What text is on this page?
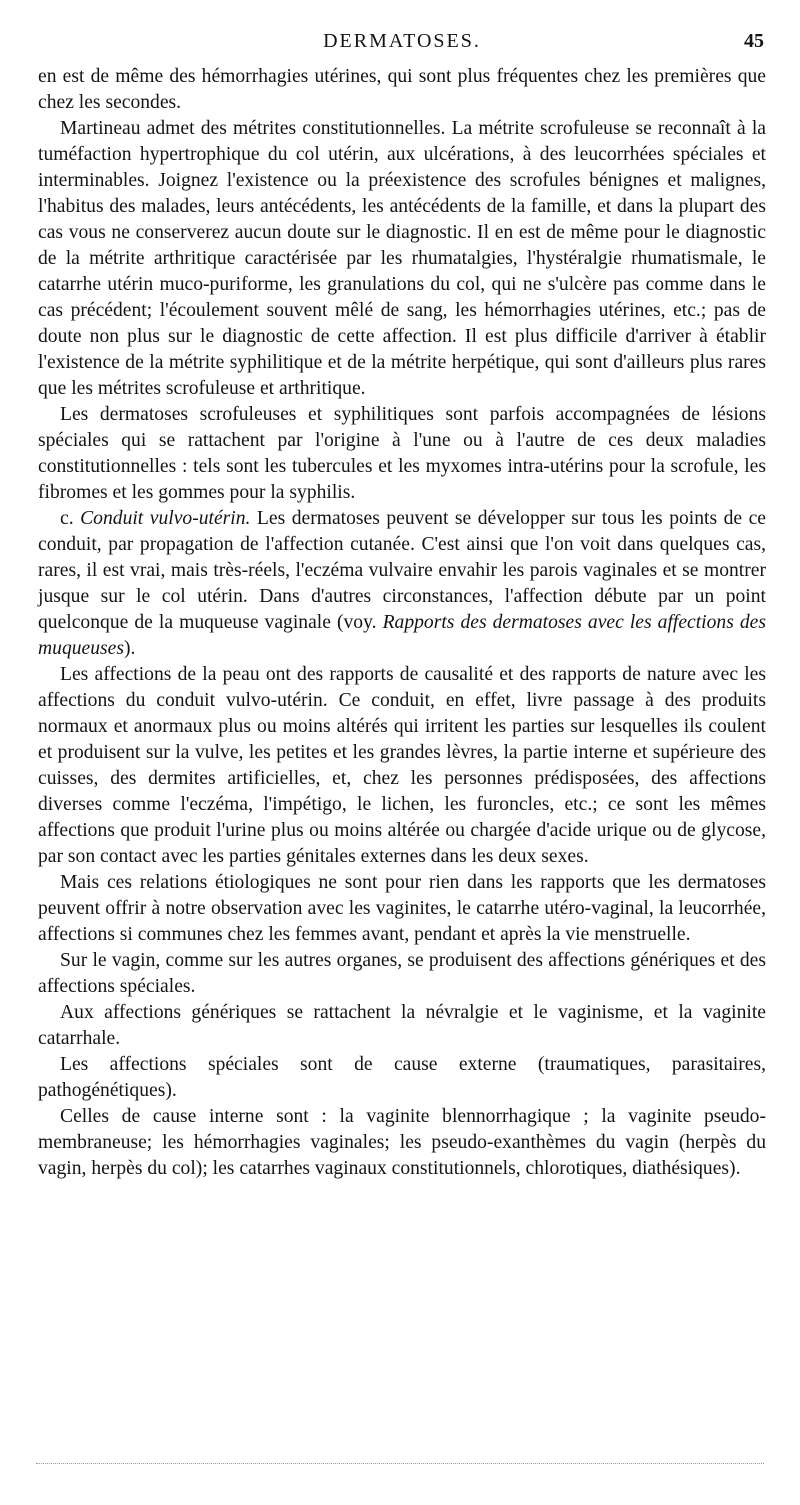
DERMATOSES.	45

en est de même des hémorrhagies utérines, qui sont plus fréquentes chez les premières que chez les secondes.

Martineau admet des métrites constitutionnelles. La métrite scrofuleuse se reconnaît à la tuméfaction hypertrophique du col utérin, aux ulcérations, à des leucorrhées spéciales et interminables. Joignez l'existence ou la préexistence des scrofules bénignes et malignes, l'habitus des malades, leurs antécédents, les antécédents de la famille, et dans la plupart des cas vous ne conserverez aucun doute sur le diagnostic. Il en est de même pour le diagnostic de la métrite arthritique caractérisée par les rhumatalgies, l'hystéralgie rhumatismale, le catarrhe utérin muco-puriforme, les granulations du col, qui ne s'ulcère pas comme dans le cas précédent; l'écoulement souvent mêlé de sang, les hémorrhagies utérines, etc.; pas de doute non plus sur le diagnostic de cette affection. Il est plus difficile d'arriver à établir l'existence de la métrite syphilitique et de la métrite herpétique, qui sont d'ailleurs plus rares que les métrites scrofuleuse et arthritique.

Les dermatoses scrofuleuses et syphilitiques sont parfois accompagnées de lésions spéciales qui se rattachent par l'origine à l'une ou à l'autre de ces deux maladies constitutionnelles : tels sont les tubercules et les myxomes intra-utérins pour la scrofule, les fibromes et les gommes pour la syphilis.

c. Conduit vulvo-utérin. Les dermatoses peuvent se développer sur tous les points de ce conduit, par propagation de l'affection cutanée. C'est ainsi que l'on voit dans quelques cas, rares, il est vrai, mais très-réels, l'eczéma vulvaire envahir les parois vaginales et se montrer jusque sur le col utérin. Dans d'autres circonstances, l'affection débute par un point quelconque de la muqueuse vaginale (voy. Rapports des dermatoses avec les affections des muqueuses).

Les affections de la peau ont des rapports de causalité et des rapports de nature avec les affections du conduit vulvo-utérin. Ce conduit, en effet, livre passage à des produits normaux et anormaux plus ou moins altérés qui irritent les parties sur lesquelles ils coulent et produisent sur la vulve, les petites et les grandes lèvres, la partie interne et supérieure des cuisses, des dermites artificielles, et, chez les personnes prédisposées, des affections diverses comme l'eczéma, l'impétigo, le lichen, les furoncles, etc.; ce sont les mêmes affections que produit l'urine plus ou moins altérée ou chargée d'acide urique ou de glycose, par son contact avec les parties génitales externes dans les deux sexes.

Mais ces relations étiologiques ne sont pour rien dans les rapports que les dermatoses peuvent offrir à notre observation avec les vaginites, le catarrhe utéro-vaginal, la leucorrhée, affections si communes chez les femmes avant, pendant et après la vie menstruelle.

Sur le vagin, comme sur les autres organes, se produisent des affections génériques et des affections spéciales.

Aux affections génériques se rattachent la névralgie et le vaginisme, et la vaginite catarrhale.

Les affections spéciales sont de cause externe (traumatiques, parasitaires, pathogénétiques).

Celles de cause interne sont : la vaginite blennorrhagique ; la vaginite pseudo-membraneuse; les hémorrhagies vaginales; les pseudo-exanthèmes du vagin (herpès du vagin, herpès du col); les catarrhes vaginaux constitutionnels, chlorotiques, diathésiques).
